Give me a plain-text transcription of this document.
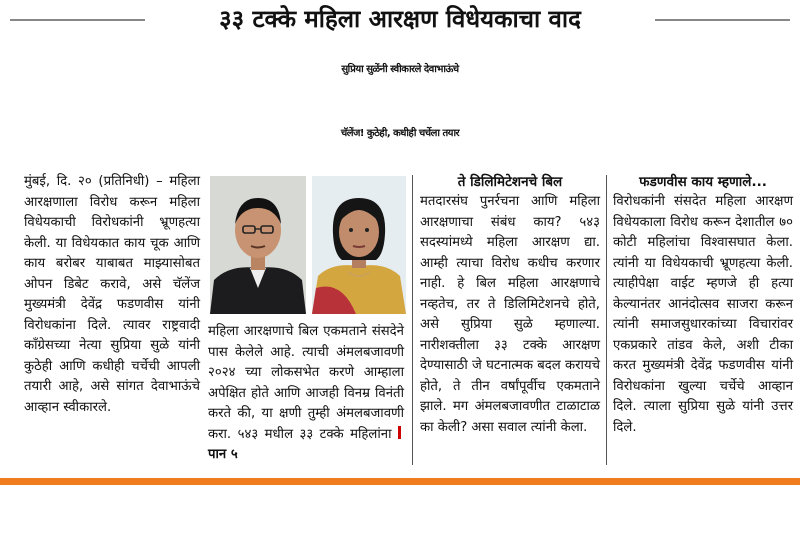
३३ टक्के महिला आरक्षण विधेयकाचा वाद
सुप्रिया सुळेंनी स्वीकारले देवाभाऊंचे
चॅलेंज! कुठेही, कधीही चर्चेला तयार

मुंबई, दि. २० (प्रतिनिधी) – महिला आरक्षणाला विरोध करून महिला विधेयकाची विरोधकांनी भ्रूणहत्या केली. या विधेयकात काय चूक आणि काय बरोबर याबाबत माझ्यासोबत ओपन डिबेट करावे, असे चॅलेंज मुख्यमंत्री देवेंद्र फडणवीस यांनी विरोधकांना दिले. त्यावर राष्ट्रवादी कॉंग्रेसच्या नेत्या सुप्रिया सुळे यांनी कुठेही आणि कधीही चर्चेची आपली तयारी आहे, असे सांगत देवाभाऊंचे आव्हान स्वीकारले.

महिला आरक्षणाचे बिल एकमताने संसदेने पास केलेले आहे. त्याची अंमलबजावणी २०२४ च्या लोकसभेत करणे आम्हाला अपेक्षित होते आणि आजही विनम्र विनंती करते की, या क्षणी तुम्ही अंमलबजावणी करा. ५४३ मधील ३३ टक्के महिलांना पान ५

ते डिलिमिटेशनचे बिल

मतदारसंघ पुनर्रचना आणि महिला आरक्षणाचा संबंध काय? ५४३ सदस्यांमध्ये महिला आरक्षण द्या. आम्ही त्याचा विरोध कधीच करणार नाही. हे बिल महिला आरक्षणाचे नव्हतेच, तर ते डिलिमिटेशनचे होते, असे सुप्रिया सुळे म्हणाल्या. नारीशक्तीला ३३ टक्के आरक्षण देण्यासाठी जे घटनात्मक बदल करायचे होते, ते तीन वर्षांपूर्वीच एकमताने झाले. मग अंमलबजावणीत टाळाटाळ का केली? असा सवाल त्यांनी केला.

फडणवीस काय म्हणाले...

विरोधकांनी संसदेत महिला आरक्षण विधेयकाला विरोध करून देशातील ७० कोटी महिलांचा विश्वासघात केला. त्यांनी या विधेयकाची भ्रूणहत्या केली. त्याहीपेक्षा वाईट म्हणजे ही हत्या केल्यानंतर आनंदोत्सव साजरा करून त्यांनी समाजसुधारकांच्या विचारांवर एकप्रकारे तांडव केले, अशी टीका करत मुख्यमंत्री देवेंद्र फडणवीस यांनी विरोधकांना खुल्या चर्चेचे आव्हान दिले. त्याला सुप्रिया सुळे यांनी उत्तर दिले.
